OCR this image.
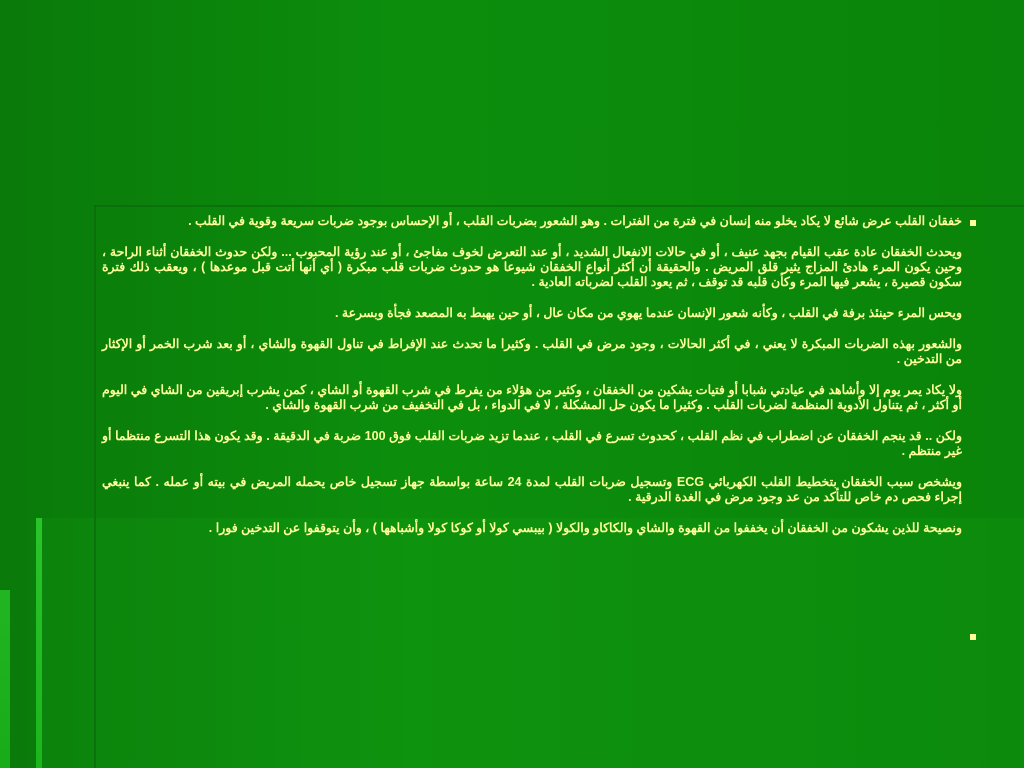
خفقان القلب عرض شائع لا يكاد يخلو منه إنسان في فترة من الفترات . وهو الشعور بضربات القلب ، أو الإحساس بوجود ضربات سريعة وقوية في القلب .

ويحدث الخفقان عادة عقب القيام بجهد عنيف ، أو في حالات الانفعال الشديد ، أو عند التعرض لخوف مفاجئ ، أو عند رؤية المحبوب ... ولكن حدوث الخفقان أثناء الراحة ، وحين يكون المرء هادئ المزاج يثير قلق المريض . والحقيقة أن أكثر أنواع الخفقان شيوعا هو حدوث ضربات قلب مبكرة ( أي أنها أتت قبل موعدها ) ، ويعقب ذلك فترة سكون قصيرة ، يشعر فيها المرء وكأن قلبه قد توقف ، ثم يعود القلب لضرباته العادية .

ويحس المرء حينئذ برفة في القلب ، وكأنه شعور الإنسان عندما يهوي من مكان عال ، أو حين يهبط به المصعد فجأة وبسرعة .

والشعور بهذه الضربات المبكرة لا يعني ، في أكثر الحالات ، وجود مرض في القلب . وكثيرا ما تحدث عند الإفراط في تناول القهوة والشاي ، أو بعد شرب الخمر أو الإكثار من التدخين .

ولا يكاد يمر يوم إلا وأشاهد في عيادتي شبابا أو فتيات يشكين من الخفقان ، وكثير من هؤلاء من يفرط في شرب القهوة أو الشاي ، كمن يشرب إبريقين من الشاي في اليوم أو أكثر ، ثم يتناول الأدوية المنظمة لضربات القلب . وكثيرا ما يكون حل المشكلة ، لا في الدواء ، بل في التخفيف من شرب القهوة والشاي .

ولكن .. قد ينجم الخفقان عن اضطراب في نظم القلب ، كحدوث تسرع في القلب ، عندما تزيد ضربات القلب فوق 100 ضربة في الدقيقة . وقد يكون هذا التسرع منتظما أو غير منتظم .

ويشخص سبب الخفقان بتخطيط القلب الكهربائي ECG وتسجيل ضربات القلب لمدة 24 ساعة بواسطة جهاز تسجيل خاص يحمله المريض في بيته أو عمله . كما ينبغي إجراء فحص دم خاص للتأكد من عد وجود مرض في الغدة الدرقية .

ونصيحة للذين يشكون من الخفقان أن يخففوا من القهوة والشاي والكاكاو والكولا ( بيبسي كولا أو كوكا كولا وأشباهها ) ، وأن يتوقفوا عن التدخين فورا .
